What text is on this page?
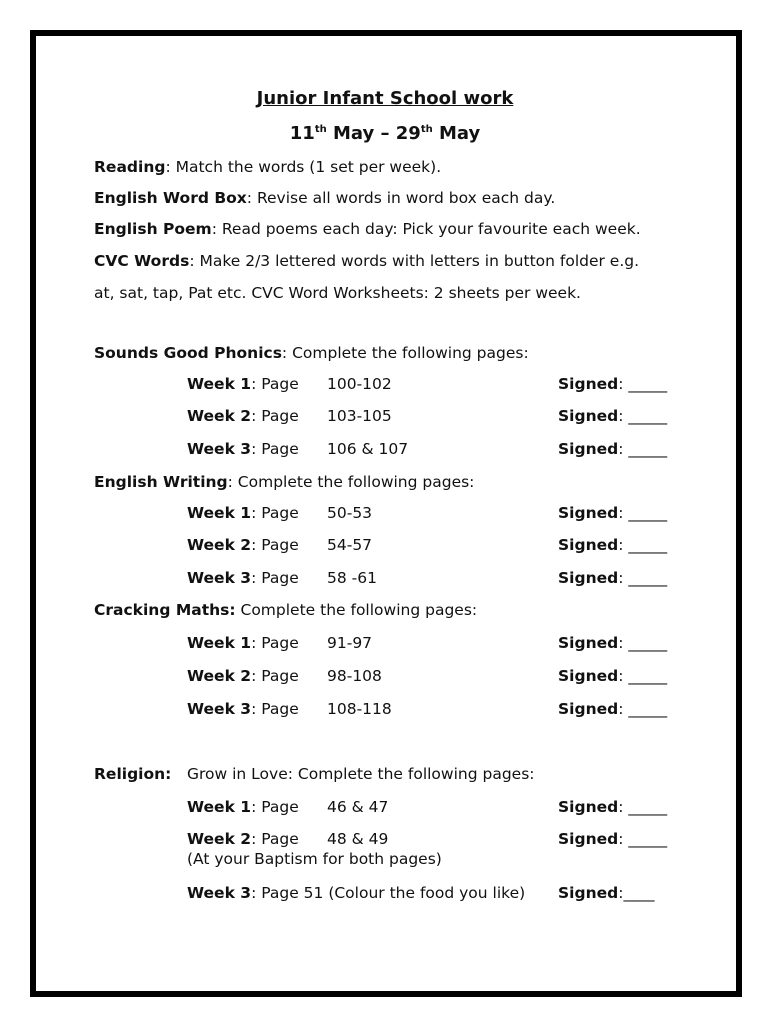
Junior Infant School work
11th May – 29th May
Reading: Match the words (1 set per week).
English Word Box: Revise all words in word box each day.
English Poem: Read poems each day: Pick your favourite each week.
CVC Words: Make 2/3 lettered words with letters in button folder e.g.
at, sat, tap, Pat etc. CVC Word Worksheets: 2 sheets per week.
Sounds Good Phonics: Complete the following pages:
Week 1: Page 100-102	Signed: _____
Week 2: Page 103-105	Signed: _____
Week 3: Page 106 & 107	Signed: _____
English Writing: Complete the following pages:
Week 1: Page 50-53	Signed: _____
Week 2: Page 54-57	Signed: _____
Week 3: Page 58 -61	Signed: _____
Cracking Maths: Complete the following pages:
Week 1: Page 91-97	Signed: _____
Week 2: Page 98-108	Signed: _____
Week 3: Page 108-118	Signed: _____
Religion: Grow in Love: Complete the following pages:
Week 1: Page 46 & 47	Signed: _____
Week 2: Page 48 & 49	Signed: _____
(At your Baptism for both pages)
Week 3: Page 51 (Colour the food you like) Signed:____
